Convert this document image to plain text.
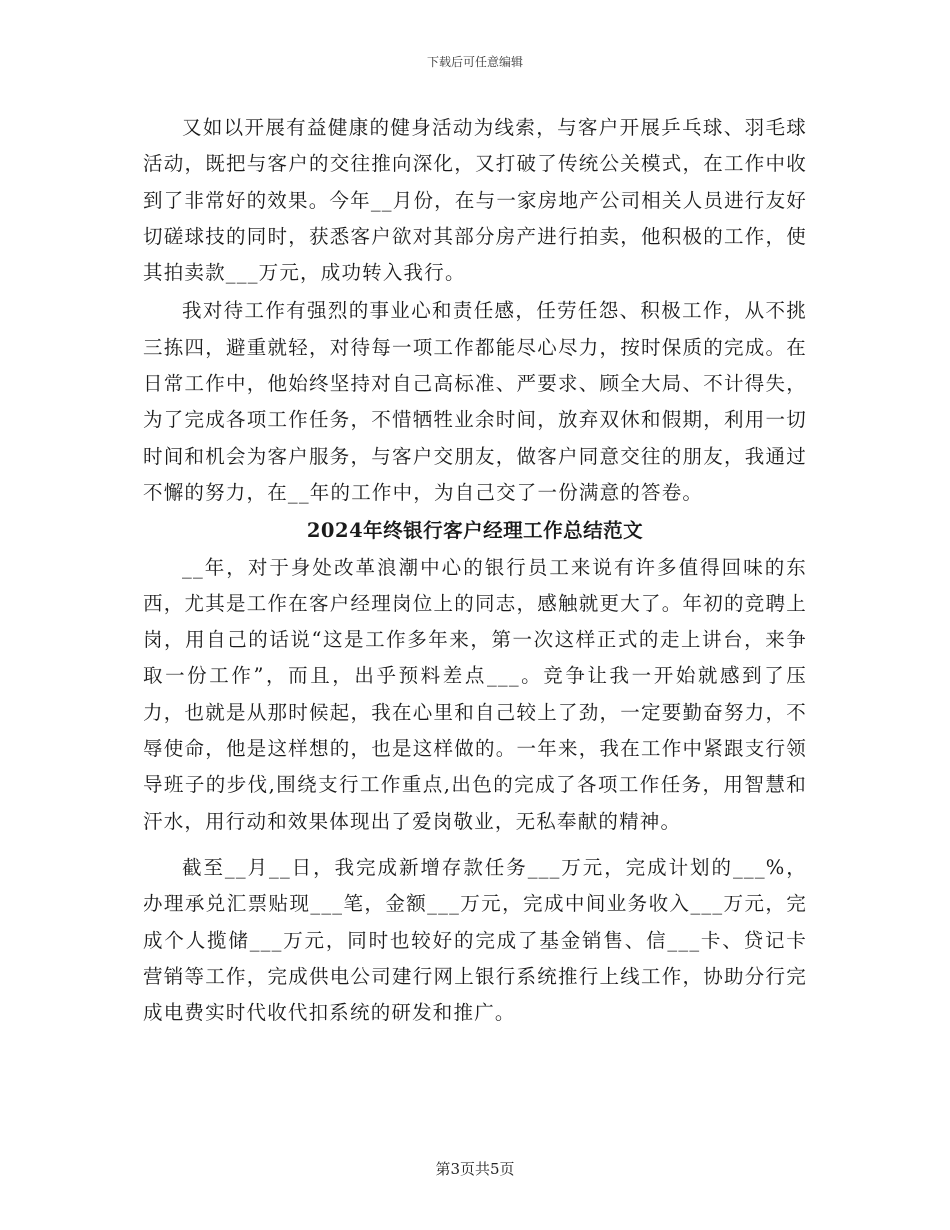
下载后可任意编辑

又如以开展有益健康的健身活动为线索，与客户开展乒乓球、羽毛球活动，既把与客户的交往推向深化，又打破了传统公关模式，在工作中收到了非常好的效果。今年__月份，在与一家房地产公司相关人员进行友好切磋球技的同时，获悉客户欲对其部分房产进行拍卖，他积极的工作，使其拍卖款___万元，成功转入我行。

我对待工作有强烈的事业心和责任感，任劳任怨、积极工作，从不挑三拣四，避重就轻，对待每一项工作都能尽心尽力，按时保质的完成。在日常工作中，他始终坚持对自己高标准、严要求、顾全大局、不计得失，为了完成各项工作任务，不惜牺牲业余时间，放弃双休和假期，利用一切时间和机会为客户服务，与客户交朋友，做客户同意交往的朋友，我通过不懈的努力，在__年的工作中，为自己交了一份满意的答卷。

2024年终银行客户经理工作总结范文

__年，对于身处改革浪潮中心的银行员工来说有许多值得回味的东西，尤其是工作在客户经理岗位上的同志，感触就更大了。年初的竞聘上岗，用自己的话说“这是工作多年来，第一次这样正式的走上讲台，来争取一份工作”，而且，出乎预料差点___。竞争让我一开始就感到了压力，也就是从那时候起，我在心里和自己较上了劲，一定要勤奋努力，不辱使命，他是这样想的，也是这样做的。一年来，我在工作中紧跟支行领导班子的步伐,围绕支行工作重点,出色的完成了各项工作任务，用智慧和汗水，用行动和效果体现出了爱岗敬业，无私奉献的精神。

截至__月__日，我完成新增存款任务___万元，完成计划的___%，办理承兑汇票贴现___笔，金额___万元，完成中间业务收入___万元，完成个人揽储___万元，同时也较好的完成了基金销售、信___卡、贷记卡营销等工作，完成供电公司建行网上银行系统推行上线工作，协助分行完成电费实时代收代扣系统的研发和推广。

第3页共5页
